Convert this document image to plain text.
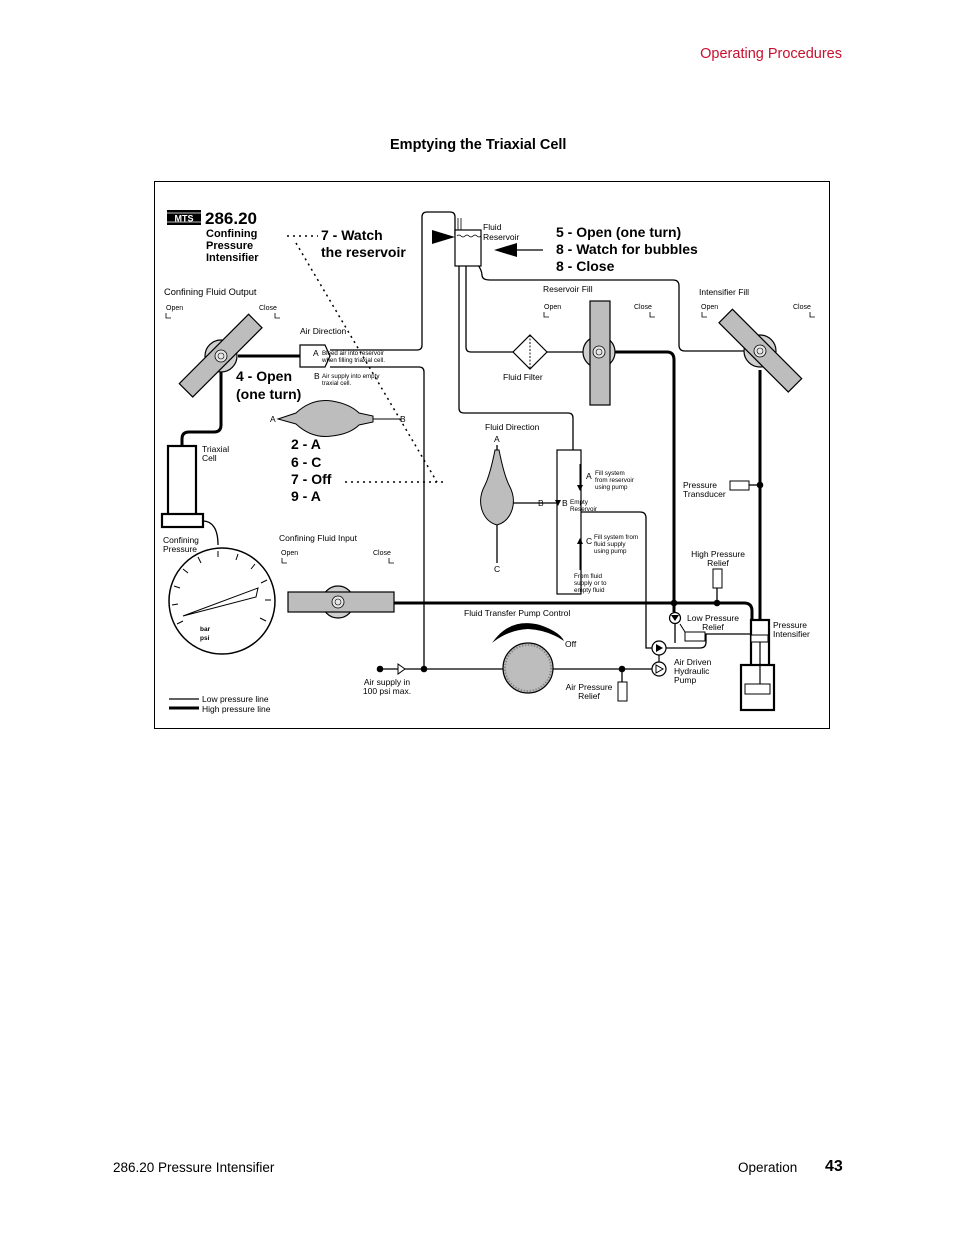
Operating Procedures
Emptying the Triaxial Cell
MTS 286.20
Confining
Pressure
Intensifier
Fluid
Reservoir
7 - Watch
the reservoir
5 - Open (one turn)
8 - Watch for bubbles
8 - Close
4 - Open
(one turn)
2 - A
6 - C
7 - Off
9 - A
Confining Fluid Output
Open	Close
Air Direction
A
B
Bleed air into reservoir
when filling triaxial cell.
Air supply into empty
traxial cell.
A	B
Fluid Filter
Reservoir Fill
Open	Close
Intensifier Fill
Open	Close
Triaxial
Cell
Confining
Pressure
bar
psi
Confining Fluid Input
Open	Close
Fluid Direction
A
B
C
A
B
C
Fill system
from reservoir
using pump
Empty
Reservoir
Fill system from
fluid supply
using pump
From fluid
supply or to
empty fluid
Pressure
Transducer
High Pressure
Relief
Low Pressure
Relief
Air Driven
Hydraulic
Pump
Pressure
Intensifier
Fluid Transfer Pump Control
Off
Air supply in
100 psi max.	Air Pressure
Relief
Low pressure line
High pressure line
286.20 Pressure Intensifier	Operation 43
